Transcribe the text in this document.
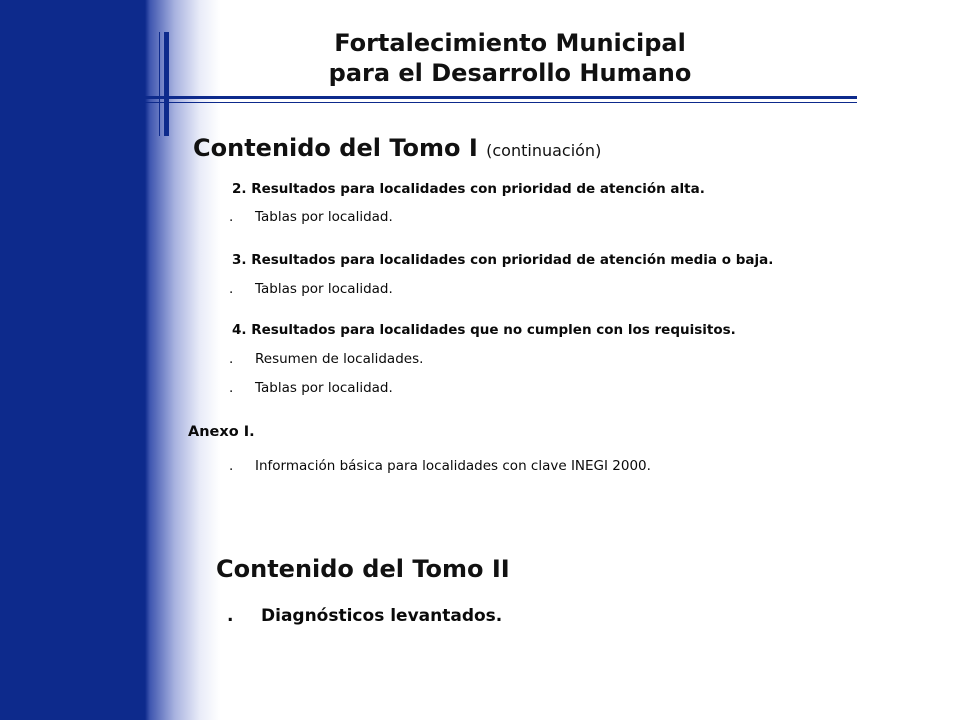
Fortalecimiento Municipal
para el Desarrollo Humano
Contenido del Tomo I (continuación)
2. Resultados para localidades con prioridad de atención alta.
. Tablas por localidad.
3. Resultados para localidades con prioridad de atención media o baja.
. Tablas por localidad.
4. Resultados para localidades que no cumplen con los requisitos.
. Resumen de localidades.
. Tablas por localidad.
Anexo I.
. Información básica para localidades con clave INEGI 2000.
Contenido del Tomo II
. Diagnósticos levantados.
